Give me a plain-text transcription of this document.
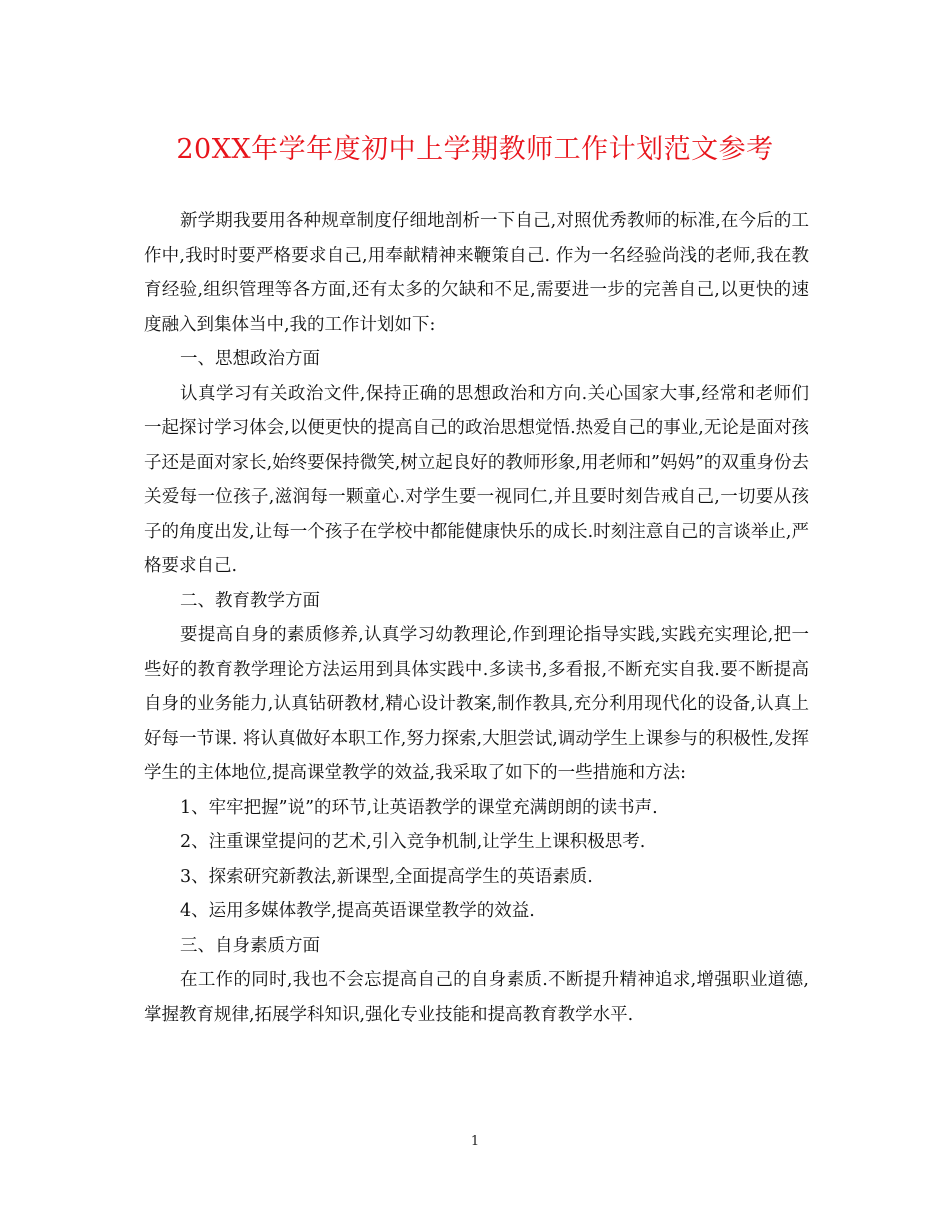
20XX年学年度初中上学期教师工作计划范文参考

新学期我要用各种规章制度仔细地剖析一下自己,对照优秀教师的标准,在今后的工作中,我时时要严格要求自己,用奉献精神来鞭策自己. 作为一名经验尚浅的老师,我在教育经验,组织管理等各方面,还有太多的欠缺和不足,需要进一步的完善自己,以更快的速度融入到集体当中,我的工作计划如下:

一、思想政治方面

认真学习有关政治文件,保持正确的思想政治和方向.关心国家大事,经常和老师们一起探讨学习体会,以便更快的提高自己的政治思想觉悟.热爱自己的事业,无论是面对孩子还是面对家长,始终要保持微笑,树立起良好的教师形象,用老师和”妈妈”的双重身份去关爱每一位孩子,滋润每一颗童心.对学生要一视同仁,并且要时刻告戒自己,一切要从孩子的角度出发,让每一个孩子在学校中都能健康快乐的成长.时刻注意自己的言谈举止,严格要求自己.

二、教育教学方面

要提高自身的素质修养,认真学习幼教理论,作到理论指导实践,实践充实理论,把一些好的教育教学理论方法运用到具体实践中.多读书,多看报,不断充实自我.要不断提高自身的业务能力,认真钻研教材,精心设计教案,制作教具,充分利用现代化的设备,认真上好每一节课. 将认真做好本职工作,努力探索,大胆尝试,调动学生上课参与的积极性,发挥学生的主体地位,提高课堂教学的效益,我采取了如下的一些措施和方法:

1、牢牢把握”说”的环节,让英语教学的课堂充满朗朗的读书声.

2、注重课堂提问的艺术,引入竞争机制,让学生上课积极思考.

3、探索研究新教法,新课型,全面提高学生的英语素质.

4、运用多媒体教学,提高英语课堂教学的效益.

三、自身素质方面

在工作的同时,我也不会忘提高自己的自身素质.不断提升精神追求,增强职业道德,掌握教育规律,拓展学科知识,强化专业技能和提高教育教学水平.

1
